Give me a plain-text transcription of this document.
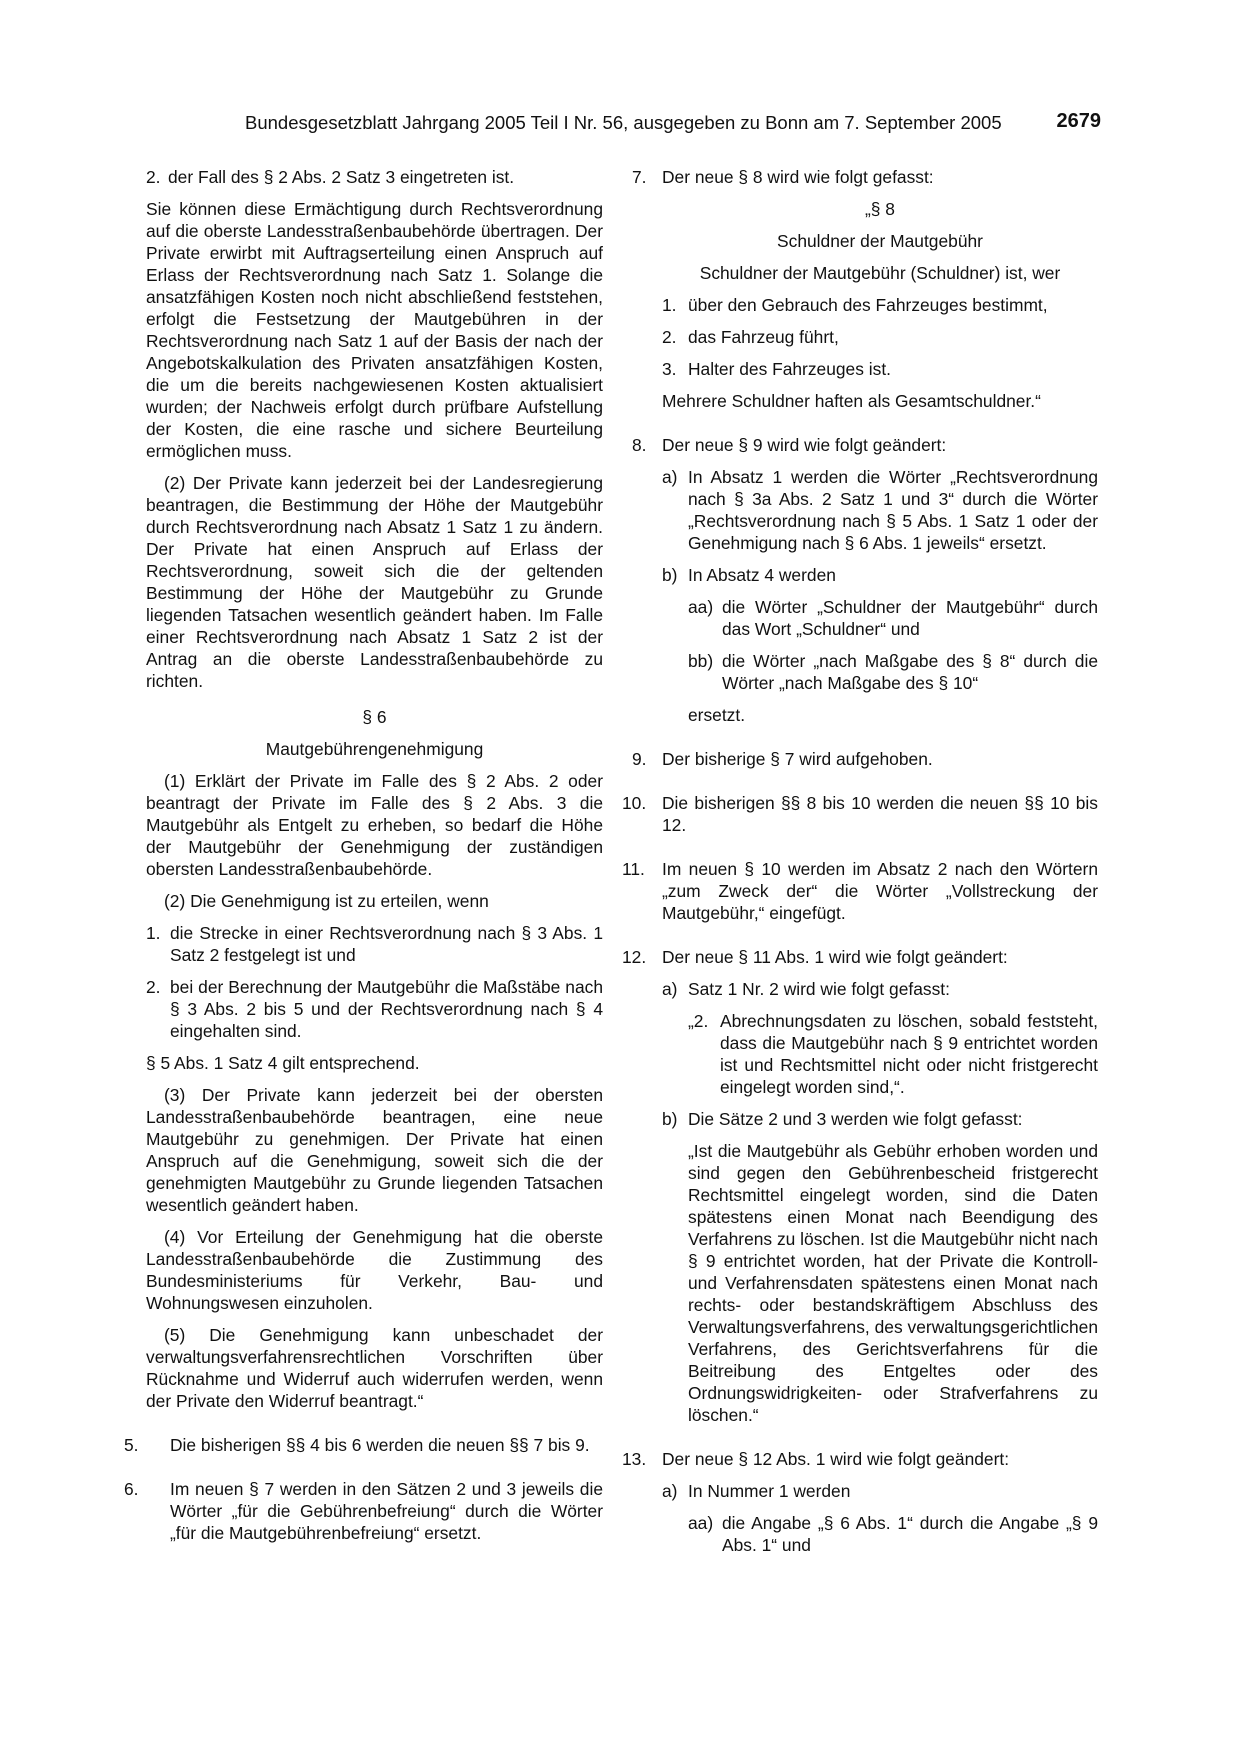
Bundesgesetzblatt Jahrgang 2005 Teil I Nr. 56, ausgegeben zu Bonn am 7. September 2005	2679
2. der Fall des § 2 Abs. 2 Satz 3 eingetreten ist.

Sie können diese Ermächtigung durch Rechtsverordnung auf die oberste Landesstraßenbaubehörde übertragen. Der Private erwirbt mit Auftragserteilung einen Anspruch auf Erlass der Rechtsverordnung nach Satz 1. Solange die ansatzfähigen Kosten noch nicht abschließend feststehen, erfolgt die Festsetzung der Mautgebühren in der Rechtsverordnung nach Satz 1 auf der Basis der nach der Angebotskalkulation des Privaten ansatzfähigen Kosten, die um die bereits nachgewiesenen Kosten aktualisiert wurden; der Nachweis erfolgt durch prüfbare Aufstellung der Kosten, die eine rasche und sichere Beurteilung ermöglichen muss.

(2) Der Private kann jederzeit bei der Landesregierung beantragen, die Bestimmung der Höhe der Mautgebühr durch Rechtsverordnung nach Absatz 1 Satz 1 zu ändern. Der Private hat einen Anspruch auf Erlass der Rechtsverordnung, soweit sich die der geltenden Bestimmung der Höhe der Mautgebühr zu Grunde liegenden Tatsachen wesentlich geändert haben. Im Falle einer Rechtsverordnung nach Absatz 1 Satz 2 ist der Antrag an die oberste Landesstraßenbaubehörde zu richten.

§ 6
Mautgebührengenehmigung

(1) Erklärt der Private im Falle des § 2 Abs. 2 oder beantragt der Private im Falle des § 2 Abs. 3 die Mautgebühr als Entgelt zu erheben, so bedarf die Höhe der Mautgebühr der Genehmigung der zuständigen obersten Landesstraßenbaubehörde.

(2) Die Genehmigung ist zu erteilen, wenn

1. die Strecke in einer Rechtsverordnung nach § 3 Abs. 1 Satz 2 festgelegt ist und
2. bei der Berechnung der Mautgebühr die Maßstäbe nach § 3 Abs. 2 bis 5 und der Rechtsverordnung nach § 4 eingehalten sind.

§ 5 Abs. 1 Satz 4 gilt entsprechend.

(3) Der Private kann jederzeit bei der obersten Landesstraßenbaubehörde beantragen, eine neue Mautgebühr zu genehmigen. Der Private hat einen Anspruch auf die Genehmigung, soweit sich die der genehmigten Mautgebühr zu Grunde liegenden Tatsachen wesentlich geändert haben.

(4) Vor Erteilung der Genehmigung hat die oberste Landesstraßenbaubehörde die Zustimmung des Bundesministeriums für Verkehr, Bau- und Wohnungswesen einzuholen.

(5) Die Genehmigung kann unbeschadet der verwaltungsverfahrensrechtlichen Vorschriften über Rücknahme und Widerruf auch widerrufen werden, wenn der Private den Widerruf beantragt.“

5. Die bisherigen §§ 4 bis 6 werden die neuen §§ 7 bis 9.
6. Im neuen § 7 werden in den Sätzen 2 und 3 jeweils die Wörter „für die Gebührenbefreiung“ durch die Wörter „für die Mautgebührenbefreiung“ ersetzt.
7. Der neue § 8 wird wie folgt gefasst:
„§ 8
Schuldner der Mautgebühr
Schuldner der Mautgebühr (Schuldner) ist, wer
1. über den Gebrauch des Fahrzeuges bestimmt,
2. das Fahrzeug führt,
3. Halter des Fahrzeuges ist.

Mehrere Schuldner haften als Gesamtschuldner.“

8. Der neue § 9 wird wie folgt geändert:
a) In Absatz 1 werden die Wörter „Rechtsverordnung nach § 3a Abs. 2 Satz 1 und 3“ durch die Wörter „Rechtsverordnung nach § 5 Abs. 1 Satz 1 oder der Genehmigung nach § 6 Abs. 1 jeweils“ ersetzt.
b) In Absatz 4 werden
aa) die Wörter „Schuldner der Mautgebühr“ durch das Wort „Schuldner“ und
bb) die Wörter „nach Maßgabe des § 8“ durch die Wörter „nach Maßgabe des § 10“

ersetzt.

9. Der bisherige § 7 wird aufgehoben.
10. Die bisherigen §§ 8 bis 10 werden die neuen §§ 10 bis 12.
11. Im neuen § 10 werden im Absatz 2 nach den Wörtern „zum Zweck der“ die Wörter „Vollstreckung der Mautgebühr,“ eingefügt.
12. Der neue § 11 Abs. 1 wird wie folgt geändert:
a) Satz 1 Nr. 2 wird wie folgt gefasst:
„2. Abrechnungsdaten zu löschen, sobald feststeht, dass die Mautgebühr nach § 9 entrichtet worden ist und Rechtsmittel nicht oder nicht fristgerecht eingelegt worden sind,“.
b) Die Sätze 2 und 3 werden wie folgt gefasst:

„Ist die Mautgebühr als Gebühr erhoben worden und sind gegen den Gebührenbescheid fristgerecht Rechtsmittel eingelegt worden, sind die Daten spätestens einen Monat nach Beendigung des Verfahrens zu löschen. Ist die Mautgebühr nicht nach § 9 entrichtet worden, hat der Private die Kontroll- und Verfahrensdaten spätestens einen Monat nach rechts- oder bestandskräftigem Abschluss des Verwaltungsverfahrens, des verwaltungsgerichtlichen Verfahrens, des Gerichtsverfahrens für die Beitreibung des Entgeltes oder des Ordnungswidrigkeiten- oder Strafverfahrens zu löschen.“

13. Der neue § 12 Abs. 1 wird wie folgt geändert:
a) In Nummer 1 werden
aa) die Angabe „§ 6 Abs. 1“ durch die Angabe „§ 9 Abs. 1“ und
